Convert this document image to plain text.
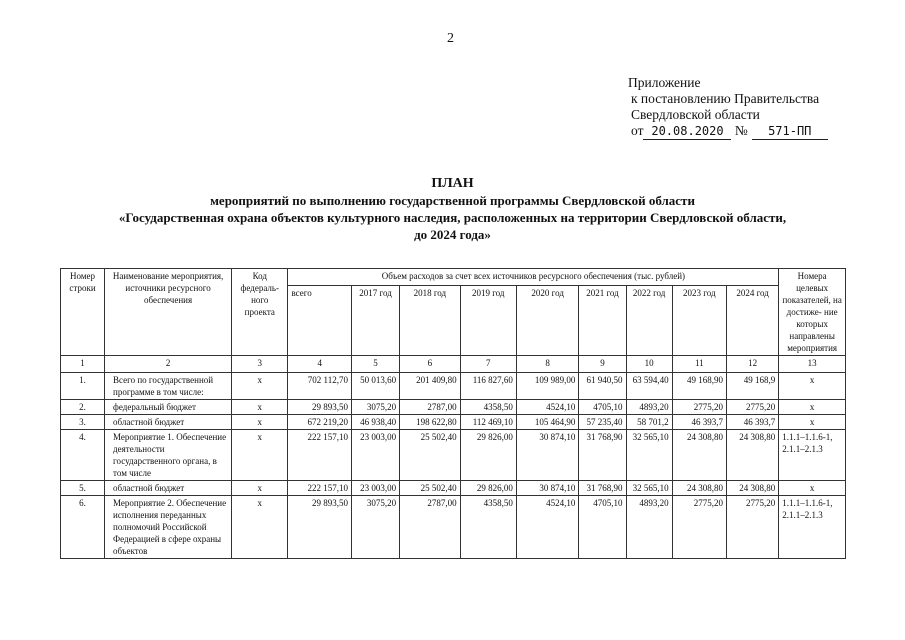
2
Приложение
к постановлению Правительства
Свердловской области
от 20.08.2020 № 571-ПП
ПЛАН
мероприятий по выполнению государственной программы Свердловской области
«Государственная охрана объектов культурного наследия, расположенных на территории Свердловской области,
до 2024 года»
Номер строки	Наименование мероприятия, источники ресурсного обеспечения	Код федераль- ного проекта	Объем расходов за счет всех источников ресурсного обеспечения (тыс. рублей)									Номера целевых показателей, на достиже- ние которых направлены мероприятия
			всего	2017 год	2018 год	2019 год	2020 год	2021 год	2022 год	2023 год	2024 год	
1	2	3	4	5	6	7	8	9	10	11	12	13
1.	Всего по государственной программе в том числе:	x	702 112,70	50 013,60	201 409,80	116 827,60	109 989,00	61 940,50	63 594,40	49 168,90	49 168,9	x
2.	федеральный бюджет	x	29 893,50	3075,20	2787,00	4358,50	4524,10	4705,10	4893,20	2775,20	2775,20	x
3.	областной бюджет	x	672 219,20	46 938,40	198 622,80	112 469,10	105 464,90	57 235,40	58 701,2	46 393,7	46 393,7	x
4.	Мероприятие 1. Обеспечение деятельности государственного органа, в том числе	x	222 157,10	23 003,00	25 502,40	29 826,00	30 874,10	31 768,90	32 565,10	24 308,80	24 308,80	1.1.1–1.1.6-1, 2.1.1–2.1.3
5.	областной бюджет	x	222 157,10	23 003,00	25 502,40	29 826,00	30 874,10	31 768,90	32 565,10	24 308,80	24 308,80	x
6.	Мероприятие 2. Обеспечение исполнения переданных полномочий Российской Федерацией в сфере охраны объектов	x	29 893,50	3075,20	2787,00	4358,50	4524,10	4705,10	4893,20	2775,20	2775,20	1.1.1–1.1.6-1, 2.1.1–2.1.3
